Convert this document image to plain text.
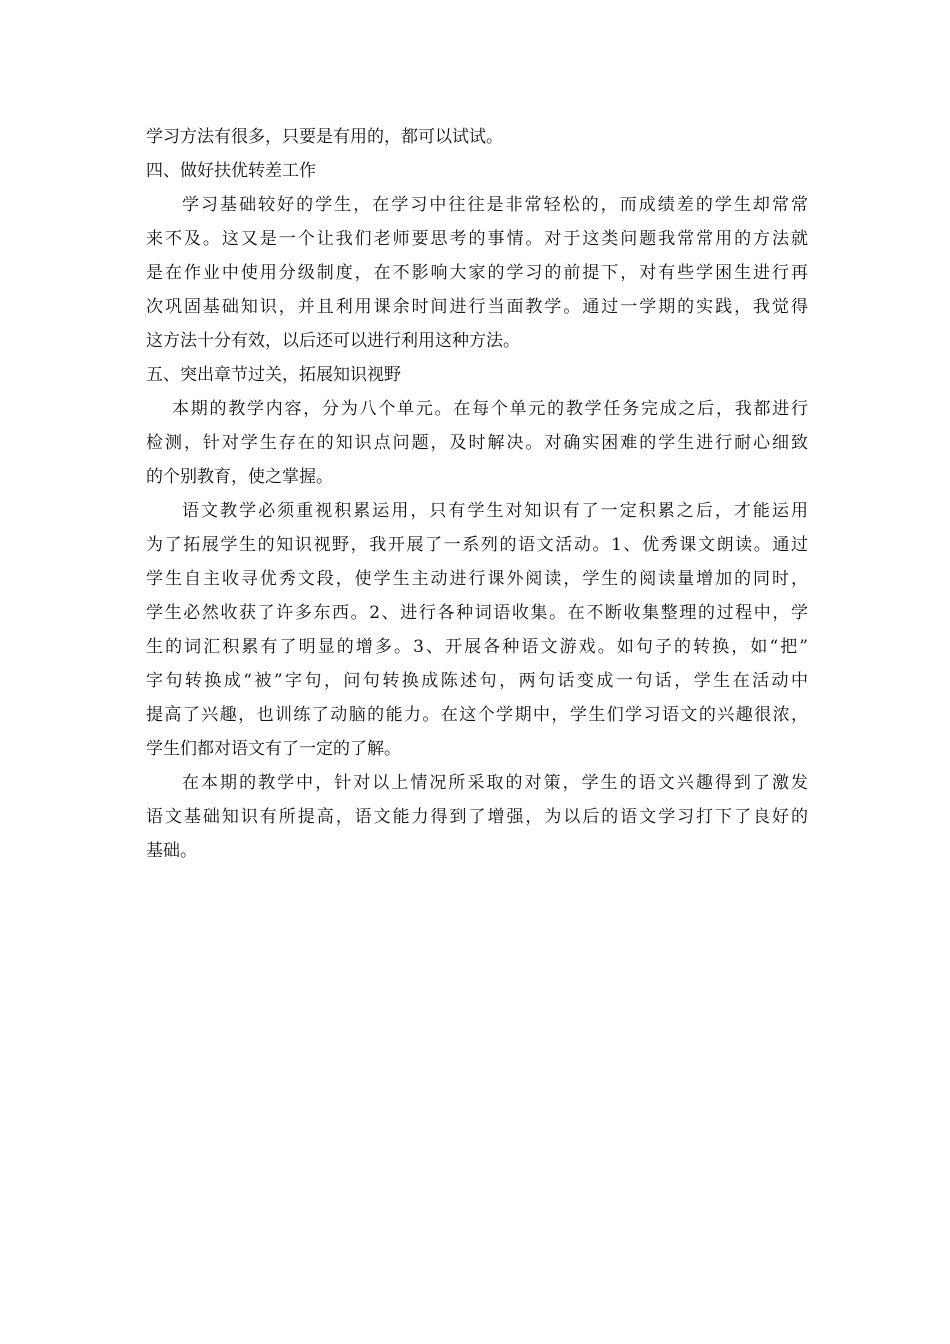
学习方法有很多，只要是有用的，都可以试试。
四、做好扶优转差工作
学习基础较好的学生，在学习中往往是非常轻松的，而成绩差的学生却常常
来不及。这又是一个让我们老师要思考的事情。对于这类问题我常常用的方法就
是在作业中使用分级制度，在不影响大家的学习的前提下，对有些学困生进行再
次巩固基础知识，并且利用课余时间进行当面教学。通过一学期的实践，我觉得
这方法十分有效，以后还可以进行利用这种方法。
五、突出章节过关，拓展知识视野
本期的教学内容，分为八个单元。在每个单元的教学任务完成之后，我都进行
检测，针对学生存在的知识点问题，及时解决。对确实困难的学生进行耐心细致
的个别教育，使之掌握。
语文教学必须重视积累运用，只有学生对知识有了一定积累之后，才能运用
为了拓展学生的知识视野，我开展了一系列的语文活动。1、优秀课文朗读。通过
学生自主收寻优秀文段，使学生主动进行课外阅读，学生的阅读量增加的同时，
学生必然收获了许多东西。2、进行各种词语收集。在不断收集整理的过程中，学
生的词汇积累有了明显的增多。3、开展各种语文游戏。如句子的转换，如“把”
字句转换成“被”字句，问句转换成陈述句，两句话变成一句话，学生在活动中
提高了兴趣，也训练了动脑的能力。在这个学期中，学生们学习语文的兴趣很浓，
学生们都对语文有了一定的了解。
在本期的教学中，针对以上情况所采取的对策，学生的语文兴趣得到了激发
语文基础知识有所提高，语文能力得到了增强，为以后的语文学习打下了良好的
基础。
